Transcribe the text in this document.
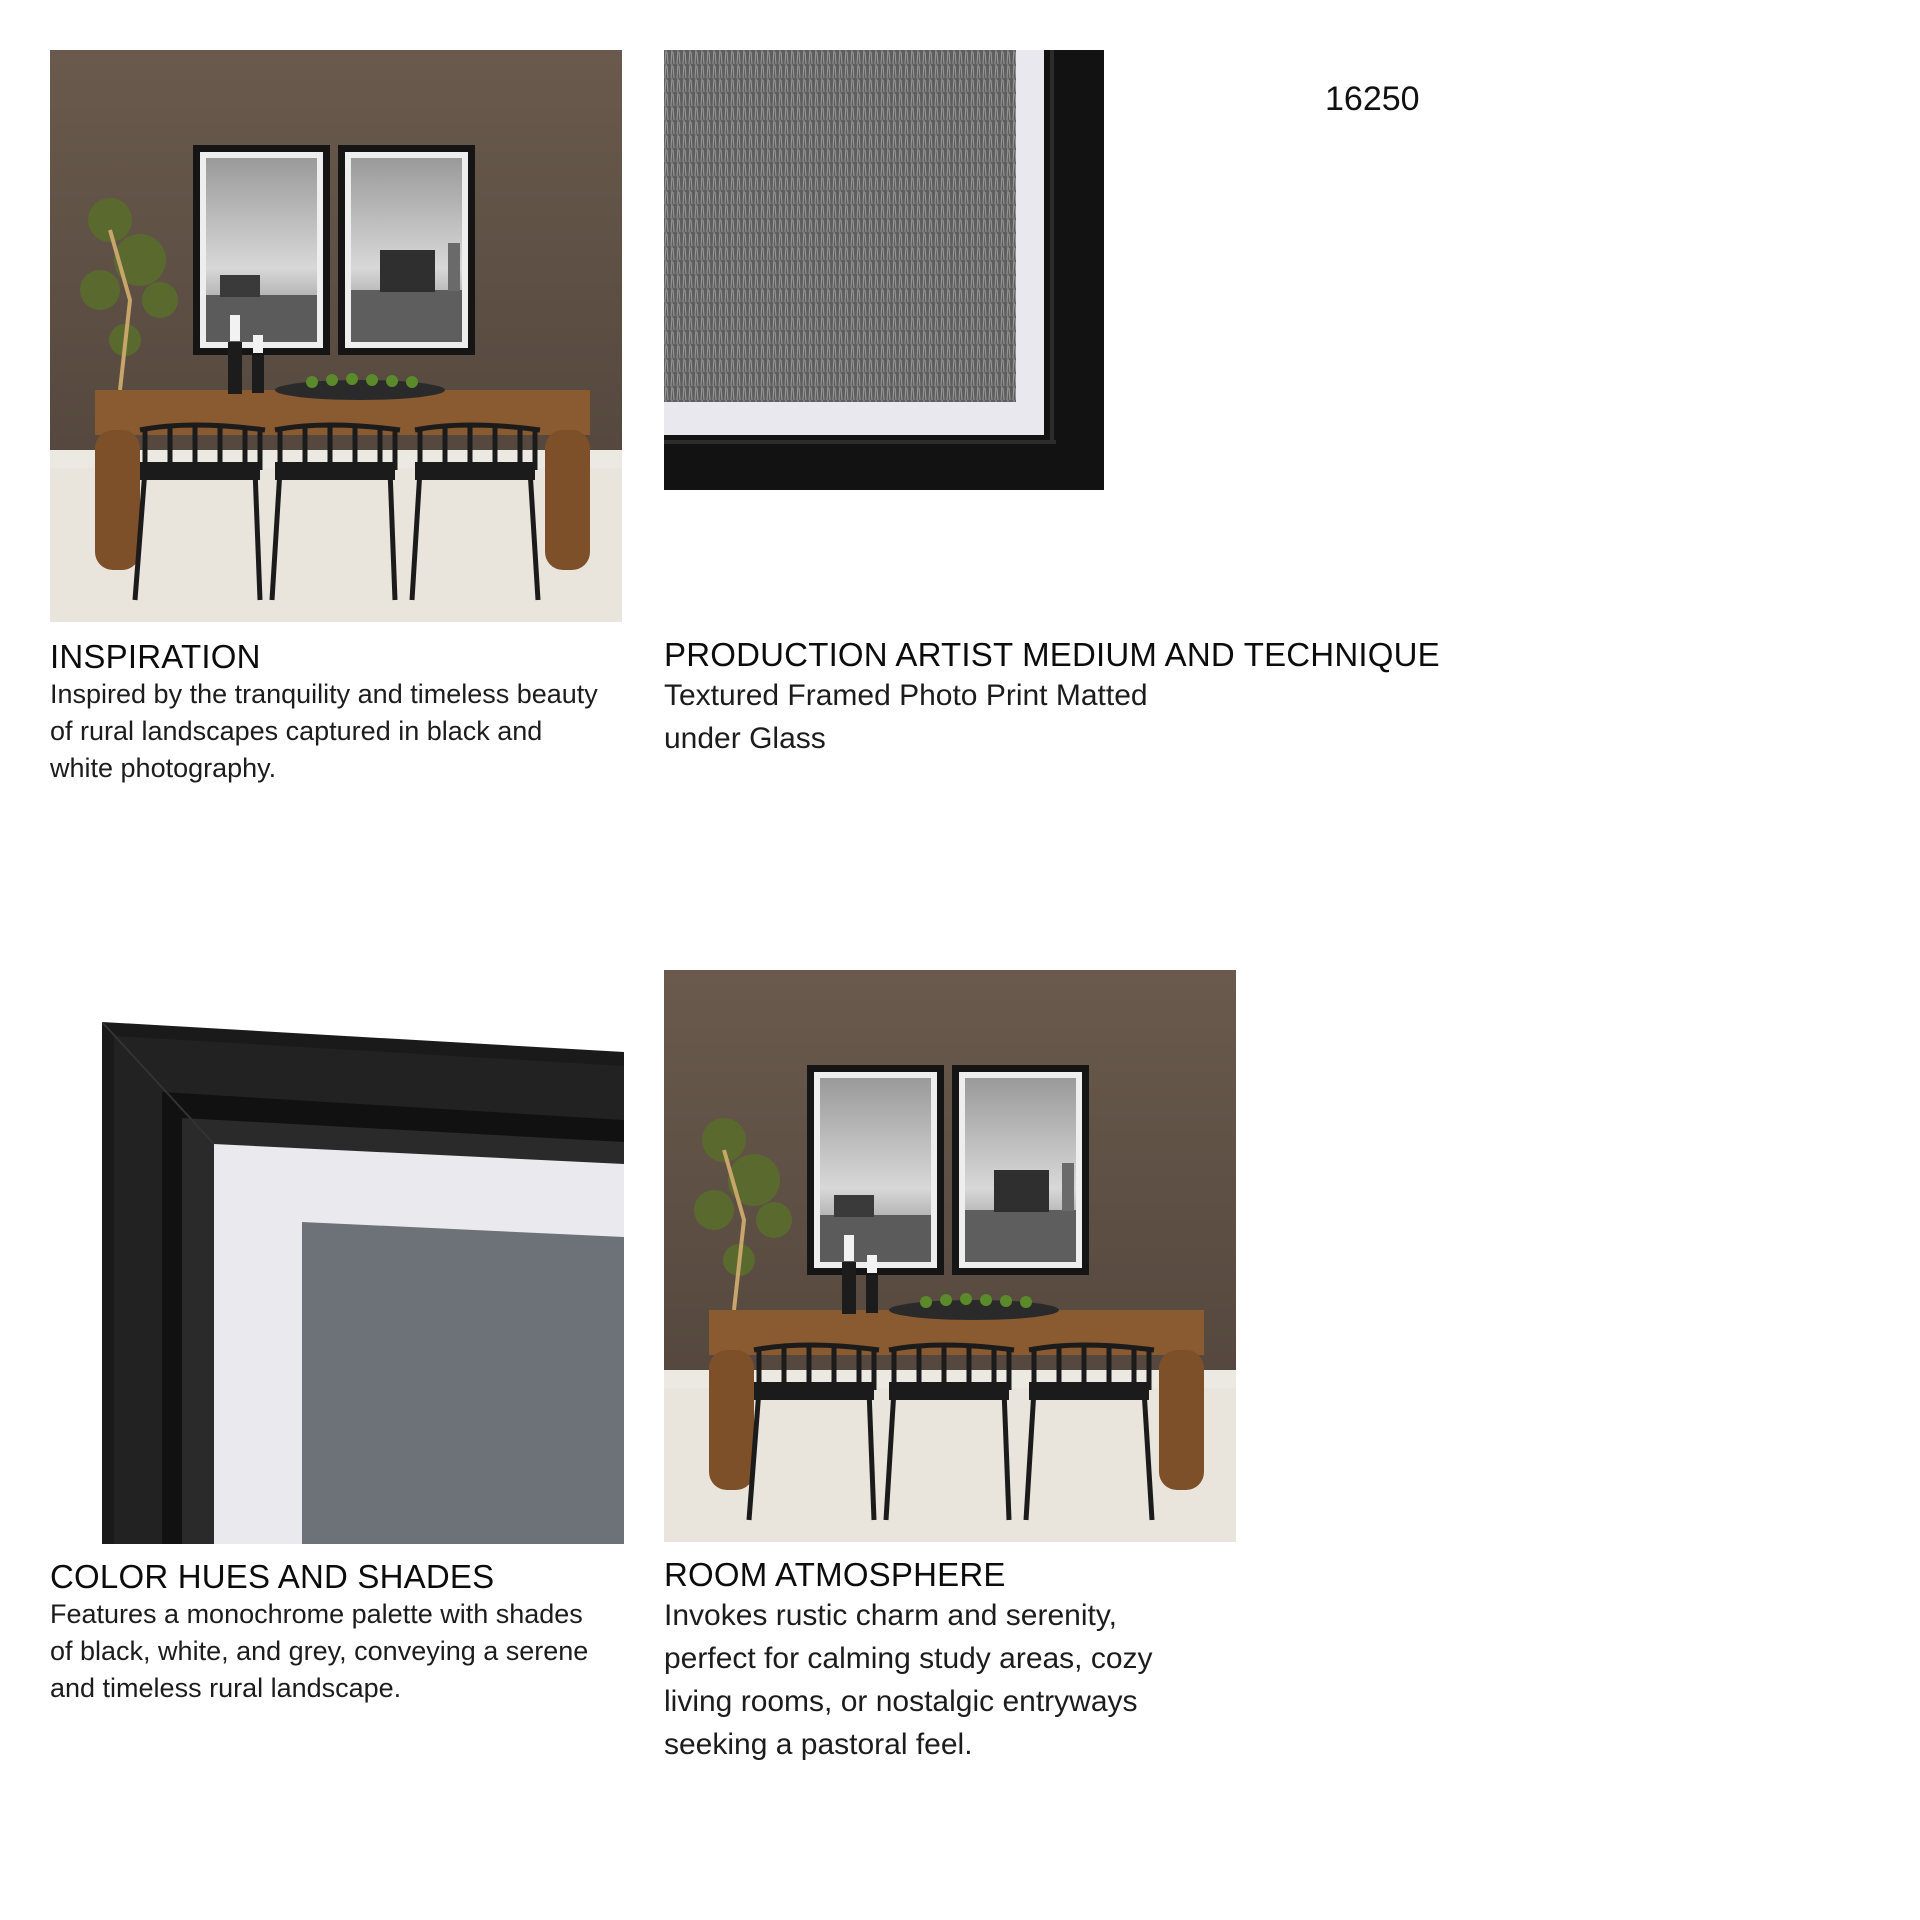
16250
INSPIRATION

Inspired by the tranquility and timeless beauty

of rural landscapes captured in black and

white photography.

PRODUCTION ARTIST MEDIUM AND TECHNIQUE

Textured Framed Photo Print Matted

under Glass

COLOR HUES AND SHADES

Features a monochrome palette with shades

of black, white, and grey, conveying a serene

and timeless rural landscape.

ROOM ATMOSPHERE

Invokes rustic charm and serenity,

perfect for calming study areas, cozy

living rooms, or nostalgic entryways

seeking a pastoral feel.
